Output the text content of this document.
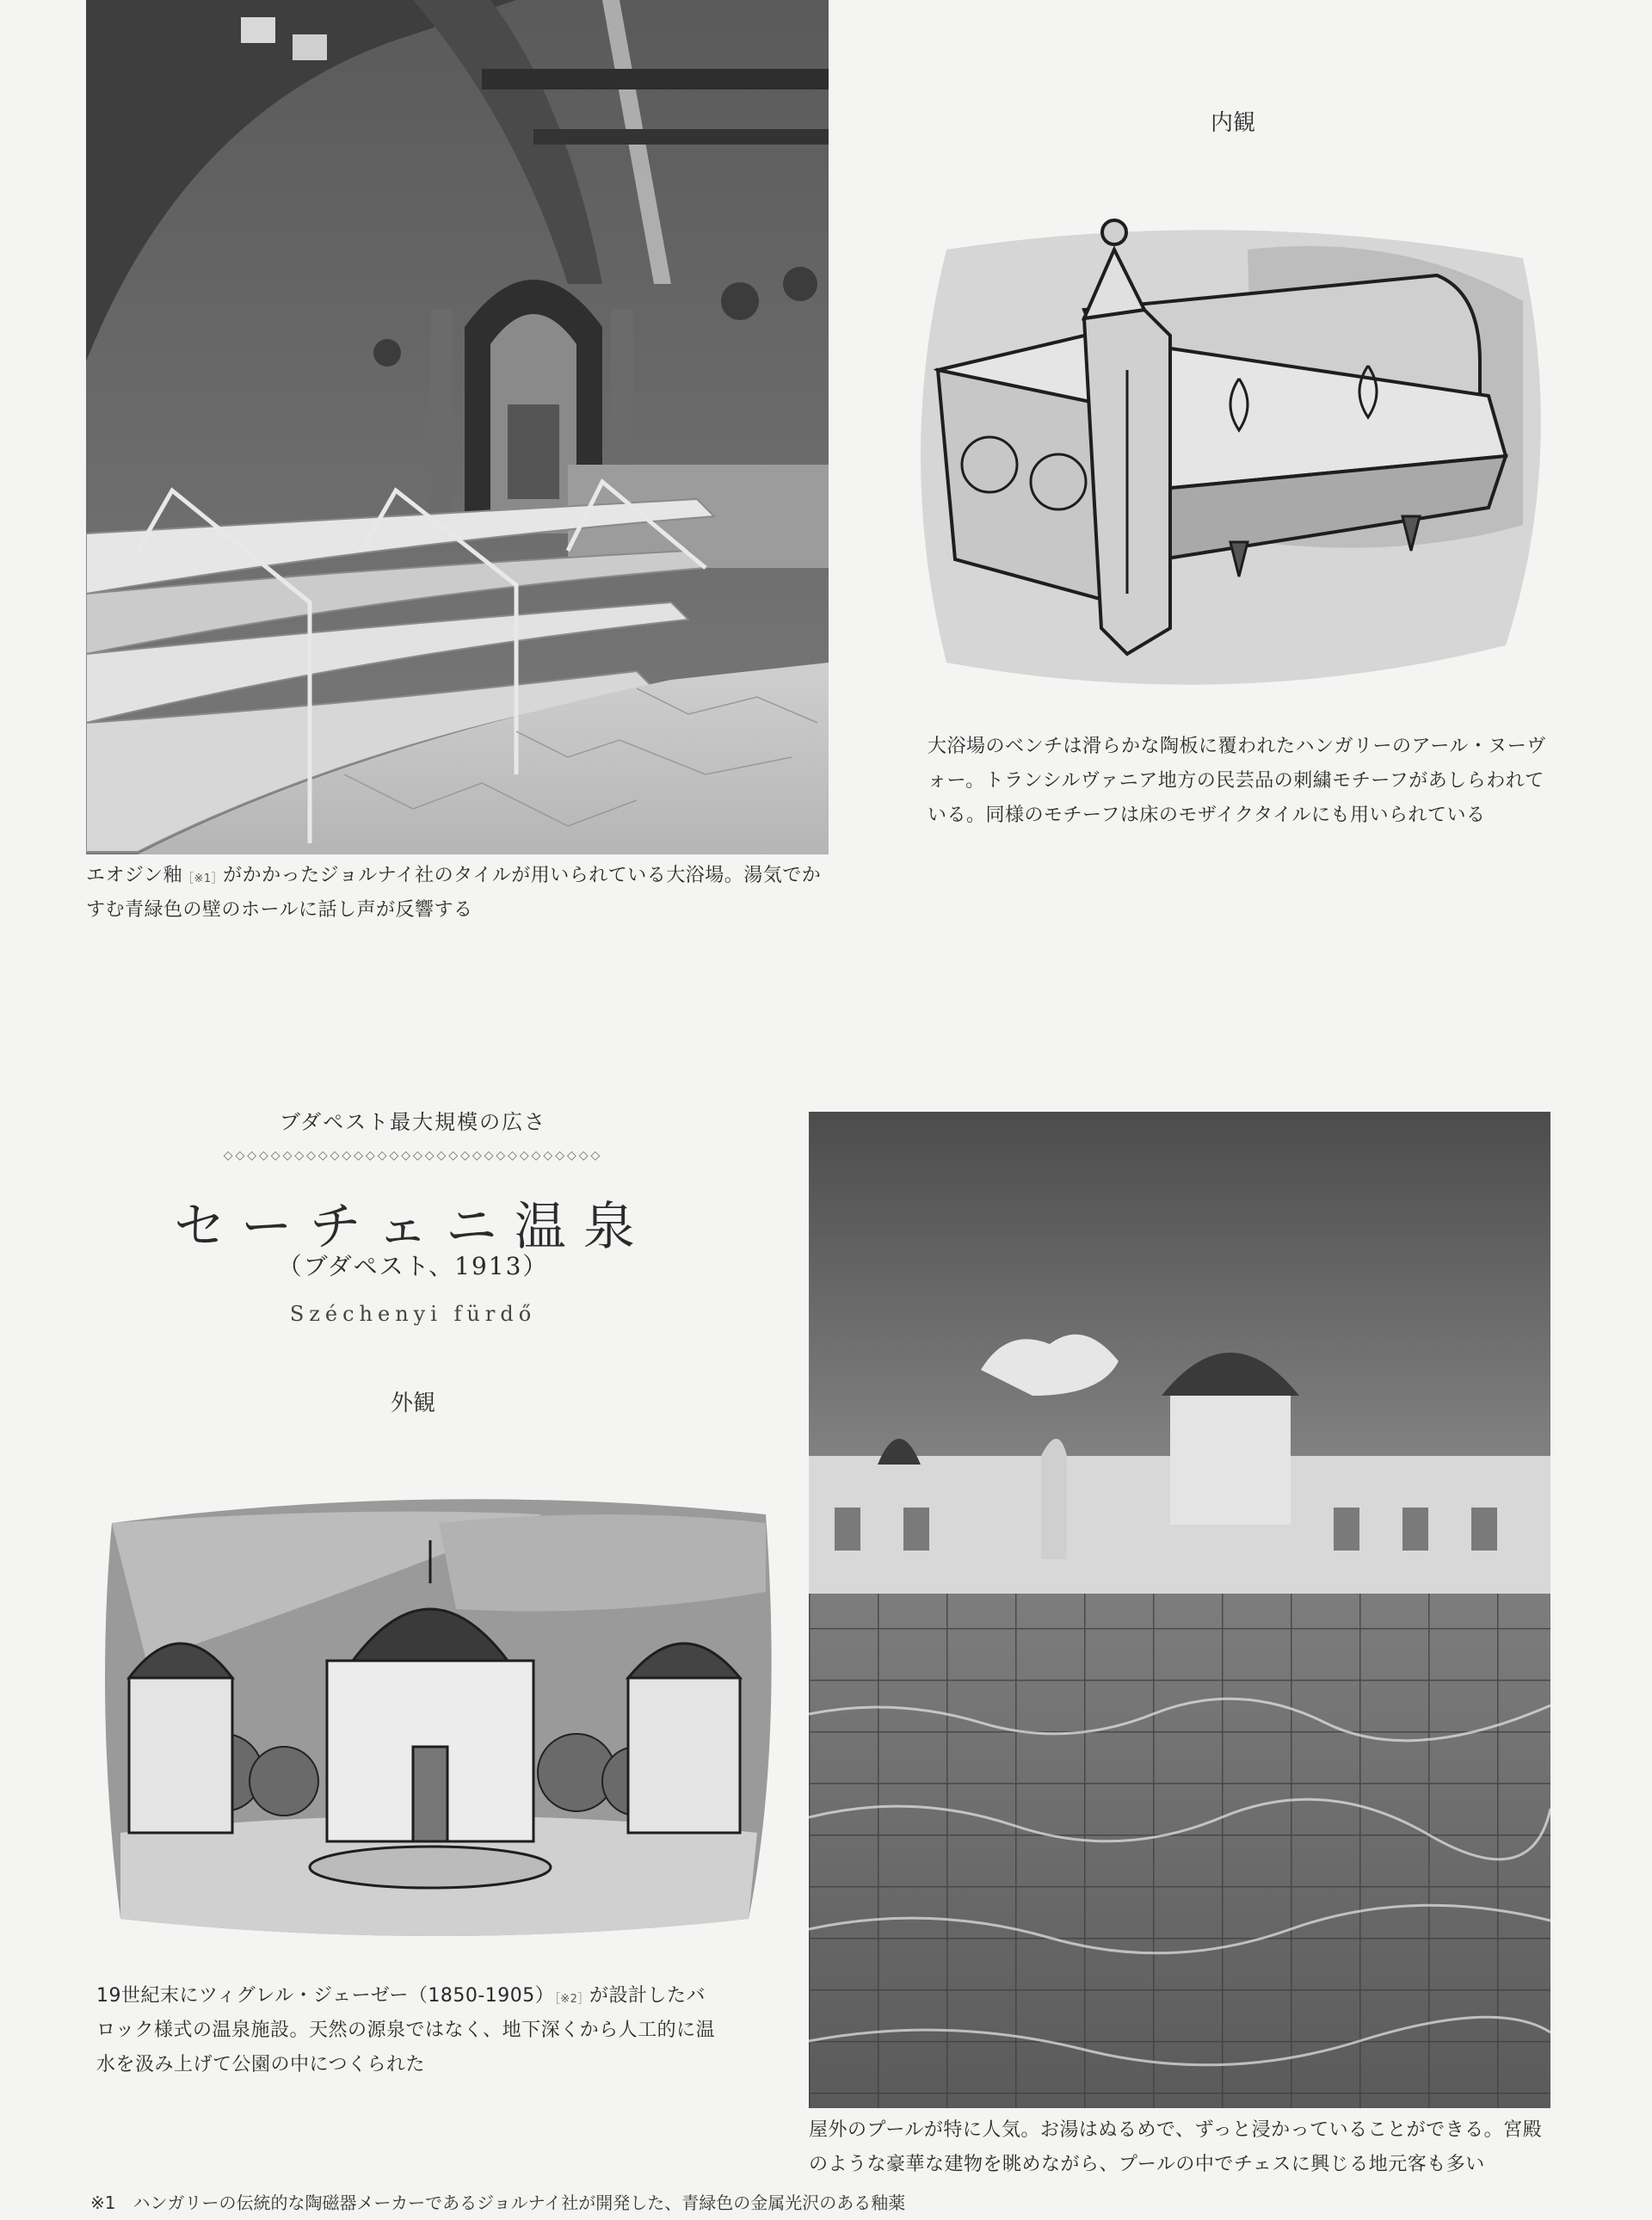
エオジン釉$^{[※1]}$がかかったジョルナイ社のタイルが用いられている大浴場。湯気でかすむ青緑色の壁のホールに話し声が反響する
内観
大浴場のベンチは滑らかな陶板に覆われたハンガリーのアール・ヌーヴォー。トランシルヴァニア地方の民芸品の刺繍モチーフがあしらわれている。同様のモチーフは床のモザイクタイルにも用いられている
ブダペスト最大規模の広さ
◇◇◇◇◇◇◇◇◇◇◇◇◇◇◇◇◇◇◇◇◇◇◇◇◇◇◇◇◇◇◇◇
セーチェニ温泉
（ブダペスト、1913）
Széchenyi fürdő
外観
19世紀末にツィグレル・ジェーゼー（1850-1905）$^{[※2]}$が設計したバロック様式の温泉施設。天然の源泉ではなく、地下深くから人工的に温水を汲み上げて公園の中につくられた
屋外のプールが特に人気。お湯はぬるめで、ずっと浸かっていることができる。宮殿のような豪華な建物を眺めながら、プールの中でチェスに興じる地元客も多い
※1　ハンガリーの伝統的な陶磁器メーカーであるジョルナイ社が開発した、青緑色の金属光沢のある釉薬
